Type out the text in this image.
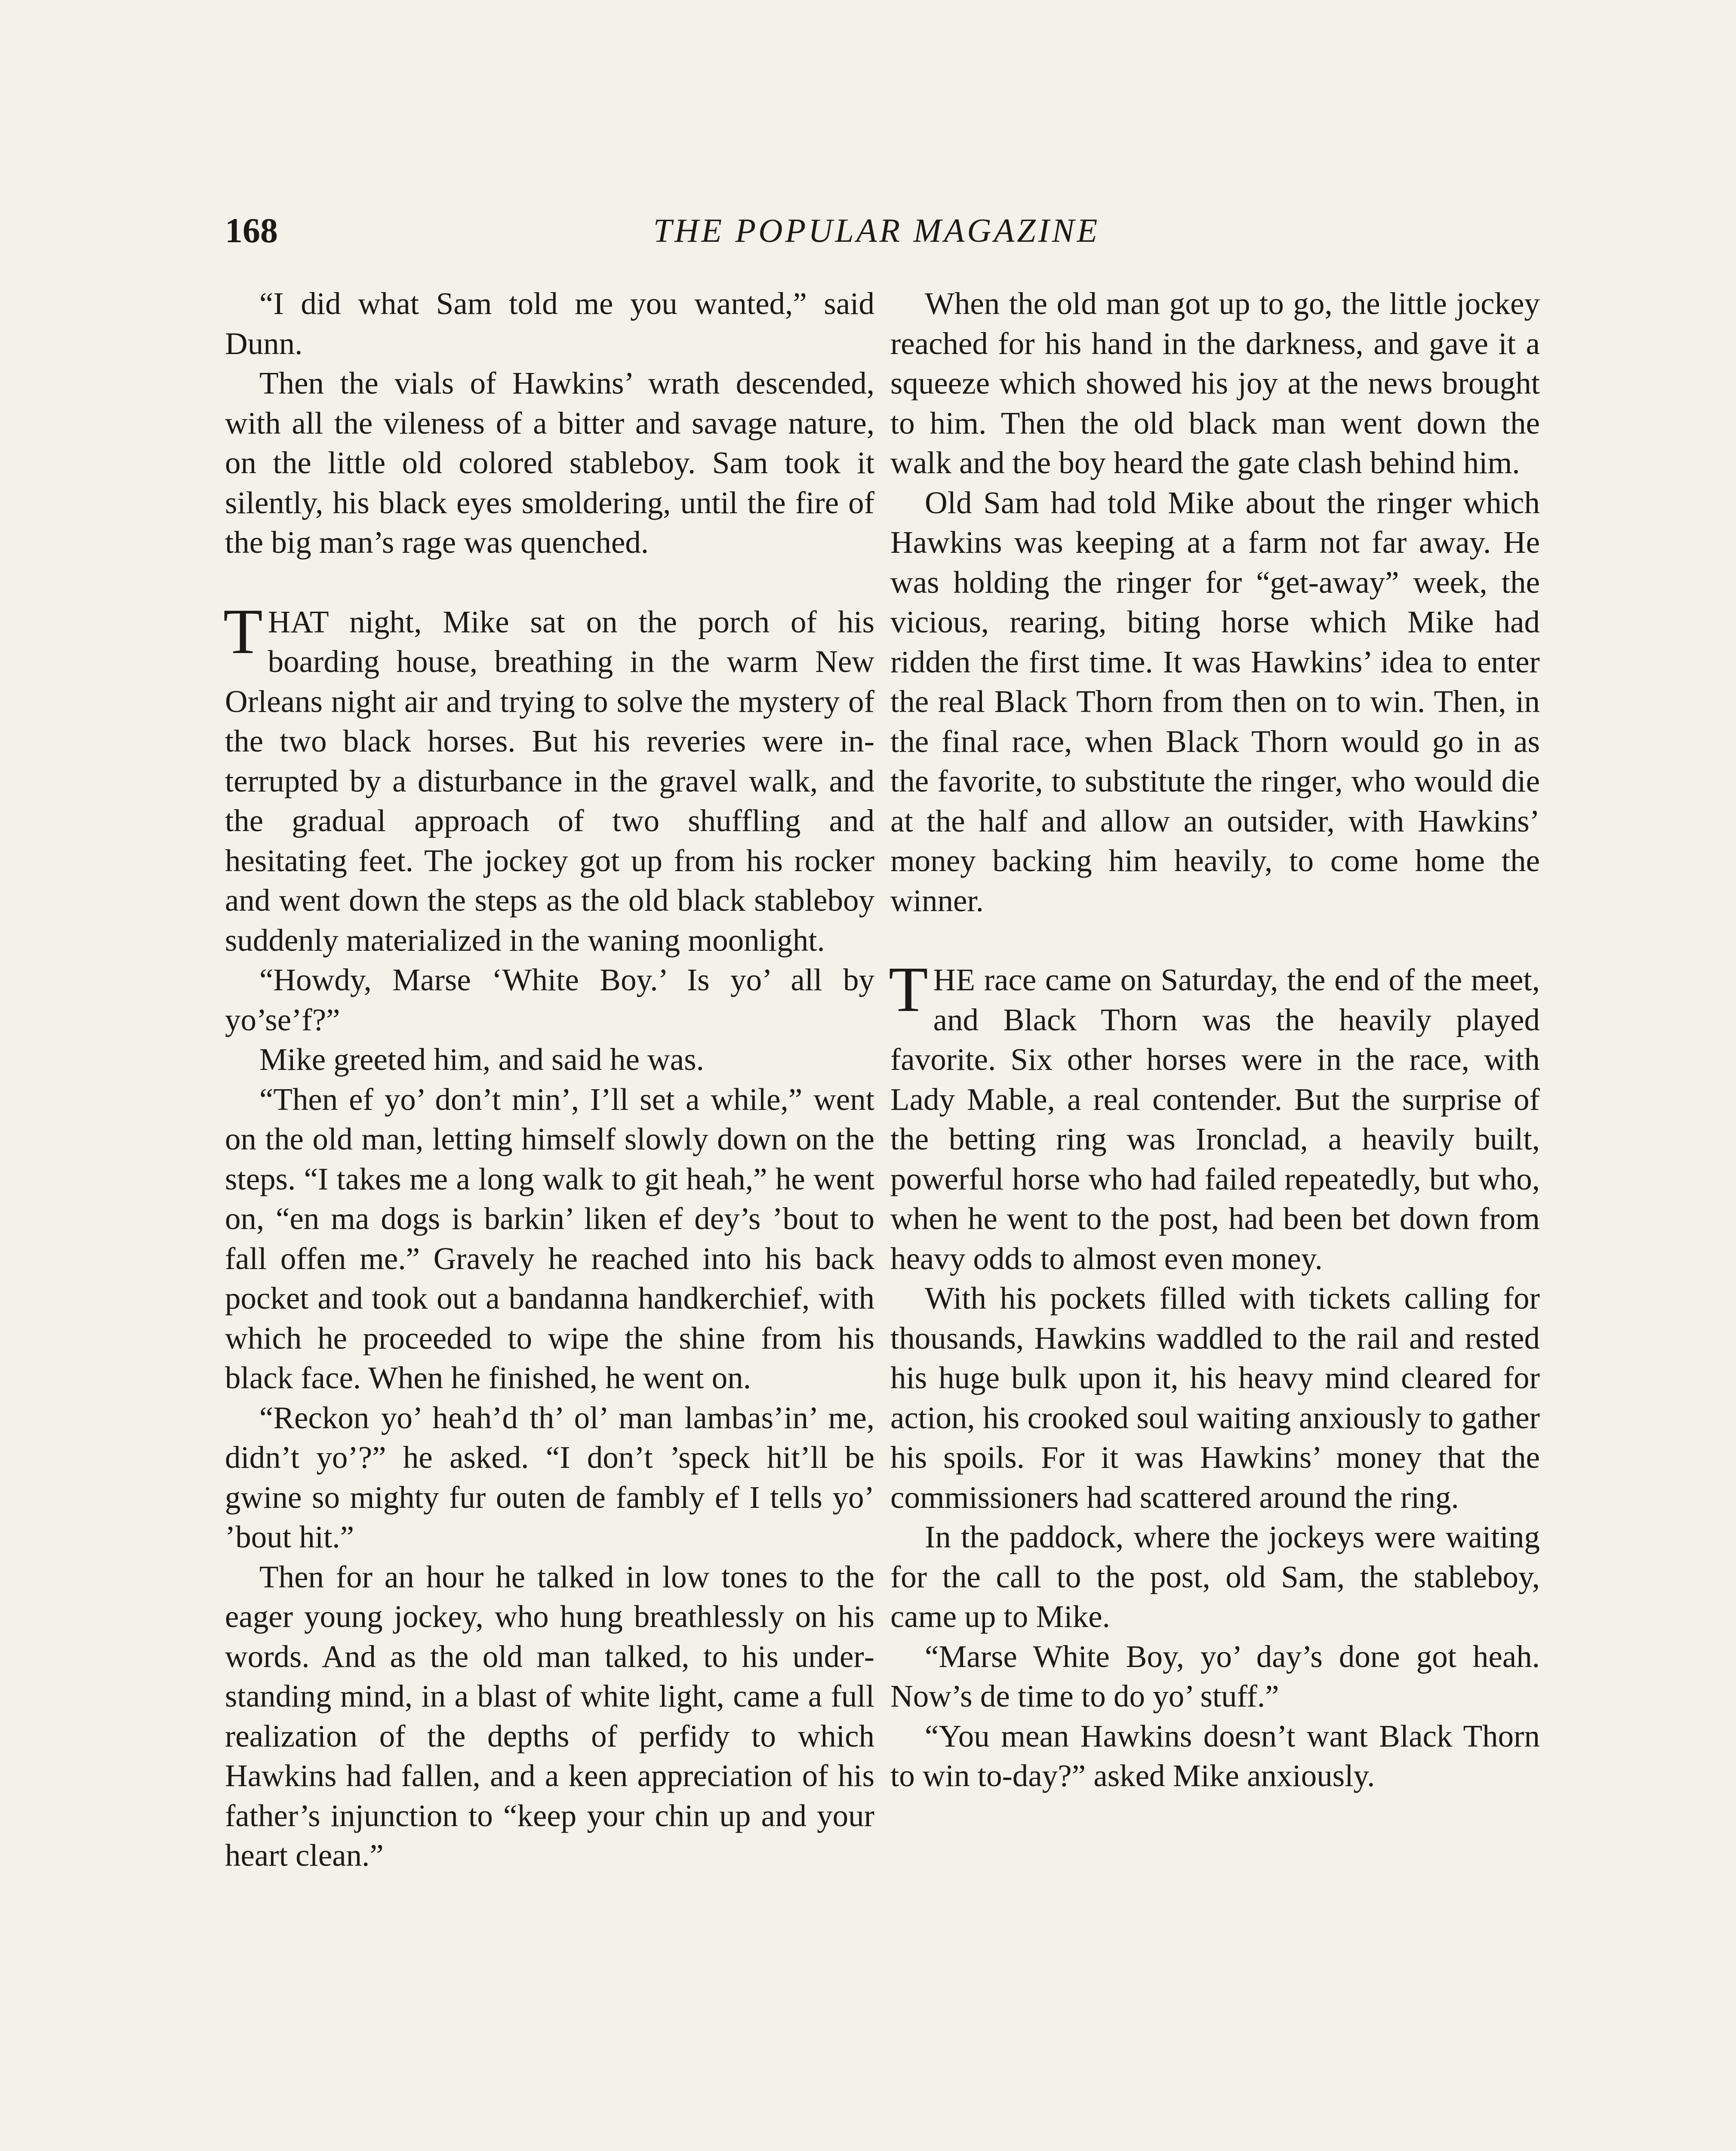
168	THE POPULAR MAGAZINE

“I did what Sam told me you wanted,” said Dunn.

Then the vials of Hawkins’ wrath descended, with all the vileness of a bitter and savage nature, on the little old colored stableboy. Sam took it silently, his black eyes smoldering, until the fire of the big man’s rage was quenched.

THAT night, Mike sat on the porch of his boarding house, breathing in the warm New Orleans night air and trying to solve the mystery of the two black horses. But his reveries were interrupted by a disturbance in the gravel walk, and the gradual approach of two shuffling and hesitating feet. The jockey got up from his rocker and went down the steps as the old black stableboy suddenly materialized in the waning moonlight.

“Howdy, Marse ‘White Boy.’ Is yo’ all by yo’se’f?”

Mike greeted him, and said he was.

“Then ef yo’ don’t min’, I’ll set a while,” went on the old man, letting himself slowly down on the steps. “I takes me a long walk to git heah,” he went on, “en ma dogs is barkin’ liken ef dey’s ’bout to fall offen me.” Gravely he reached into his back pocket and took out a bandanna handkerchief, with which he proceeded to wipe the shine from his black face. When he finished, he went on.

“Reckon yo’ heah’d th’ ol’ man lambas’in’ me, didn’t yo’?” he asked. “I don’t ’speck hit’ll be gwine so mighty fur outen de fambly ef I tells yo’ ’bout hit.”

Then for an hour he talked in low tones to the eager young jockey, who hung breathlessly on his words. And as the old man talked, to his understanding mind, in a blast of white light, came a full realization of the depths of perfidy to which Hawkins had fallen, and a keen appreciation of his father’s injunction to “keep your chin up and your heart clean.”

When the old man got up to go, the little jockey reached for his hand in the darkness, and gave it a squeeze which showed his joy at the news brought to him. Then the old black man went down the walk and the boy heard the gate clash behind him.

Old Sam had told Mike about the ringer which Hawkins was keeping at a farm not far away. He was holding the ringer for “get-away” week, the vicious, rearing, biting horse which Mike had ridden the first time. It was Hawkins’ idea to enter the real Black Thorn from then on to win. Then, in the final race, when Black Thorn would go in as the favorite, to substitute the ringer, who would die at the half and allow an outsider, with Hawkins’ money backing him heavily, to come home the winner.

THE race came on Saturday, the end of the meet, and Black Thorn was the heavily played favorite. Six other horses were in the race, with Lady Mable, a real contender. But the surprise of the betting ring was Ironclad, a heavily built, powerful horse who had failed repeatedly, but who, when he went to the post, had been bet down from heavy odds to almost even money.

With his pockets filled with tickets calling for thousands, Hawkins waddled to the rail and rested his huge bulk upon it, his heavy mind cleared for action, his crooked soul waiting anxiously to gather his spoils. For it was Hawkins’ money that the commissioners had scattered around the ring.

In the paddock, where the jockeys were waiting for the call to the post, old Sam, the stableboy, came up to Mike.

“Marse White Boy, yo’ day’s done got heah. Now’s de time to do yo’ stuff.”

“You mean Hawkins doesn’t want Black Thorn to win to-day?” asked Mike anxiously.
